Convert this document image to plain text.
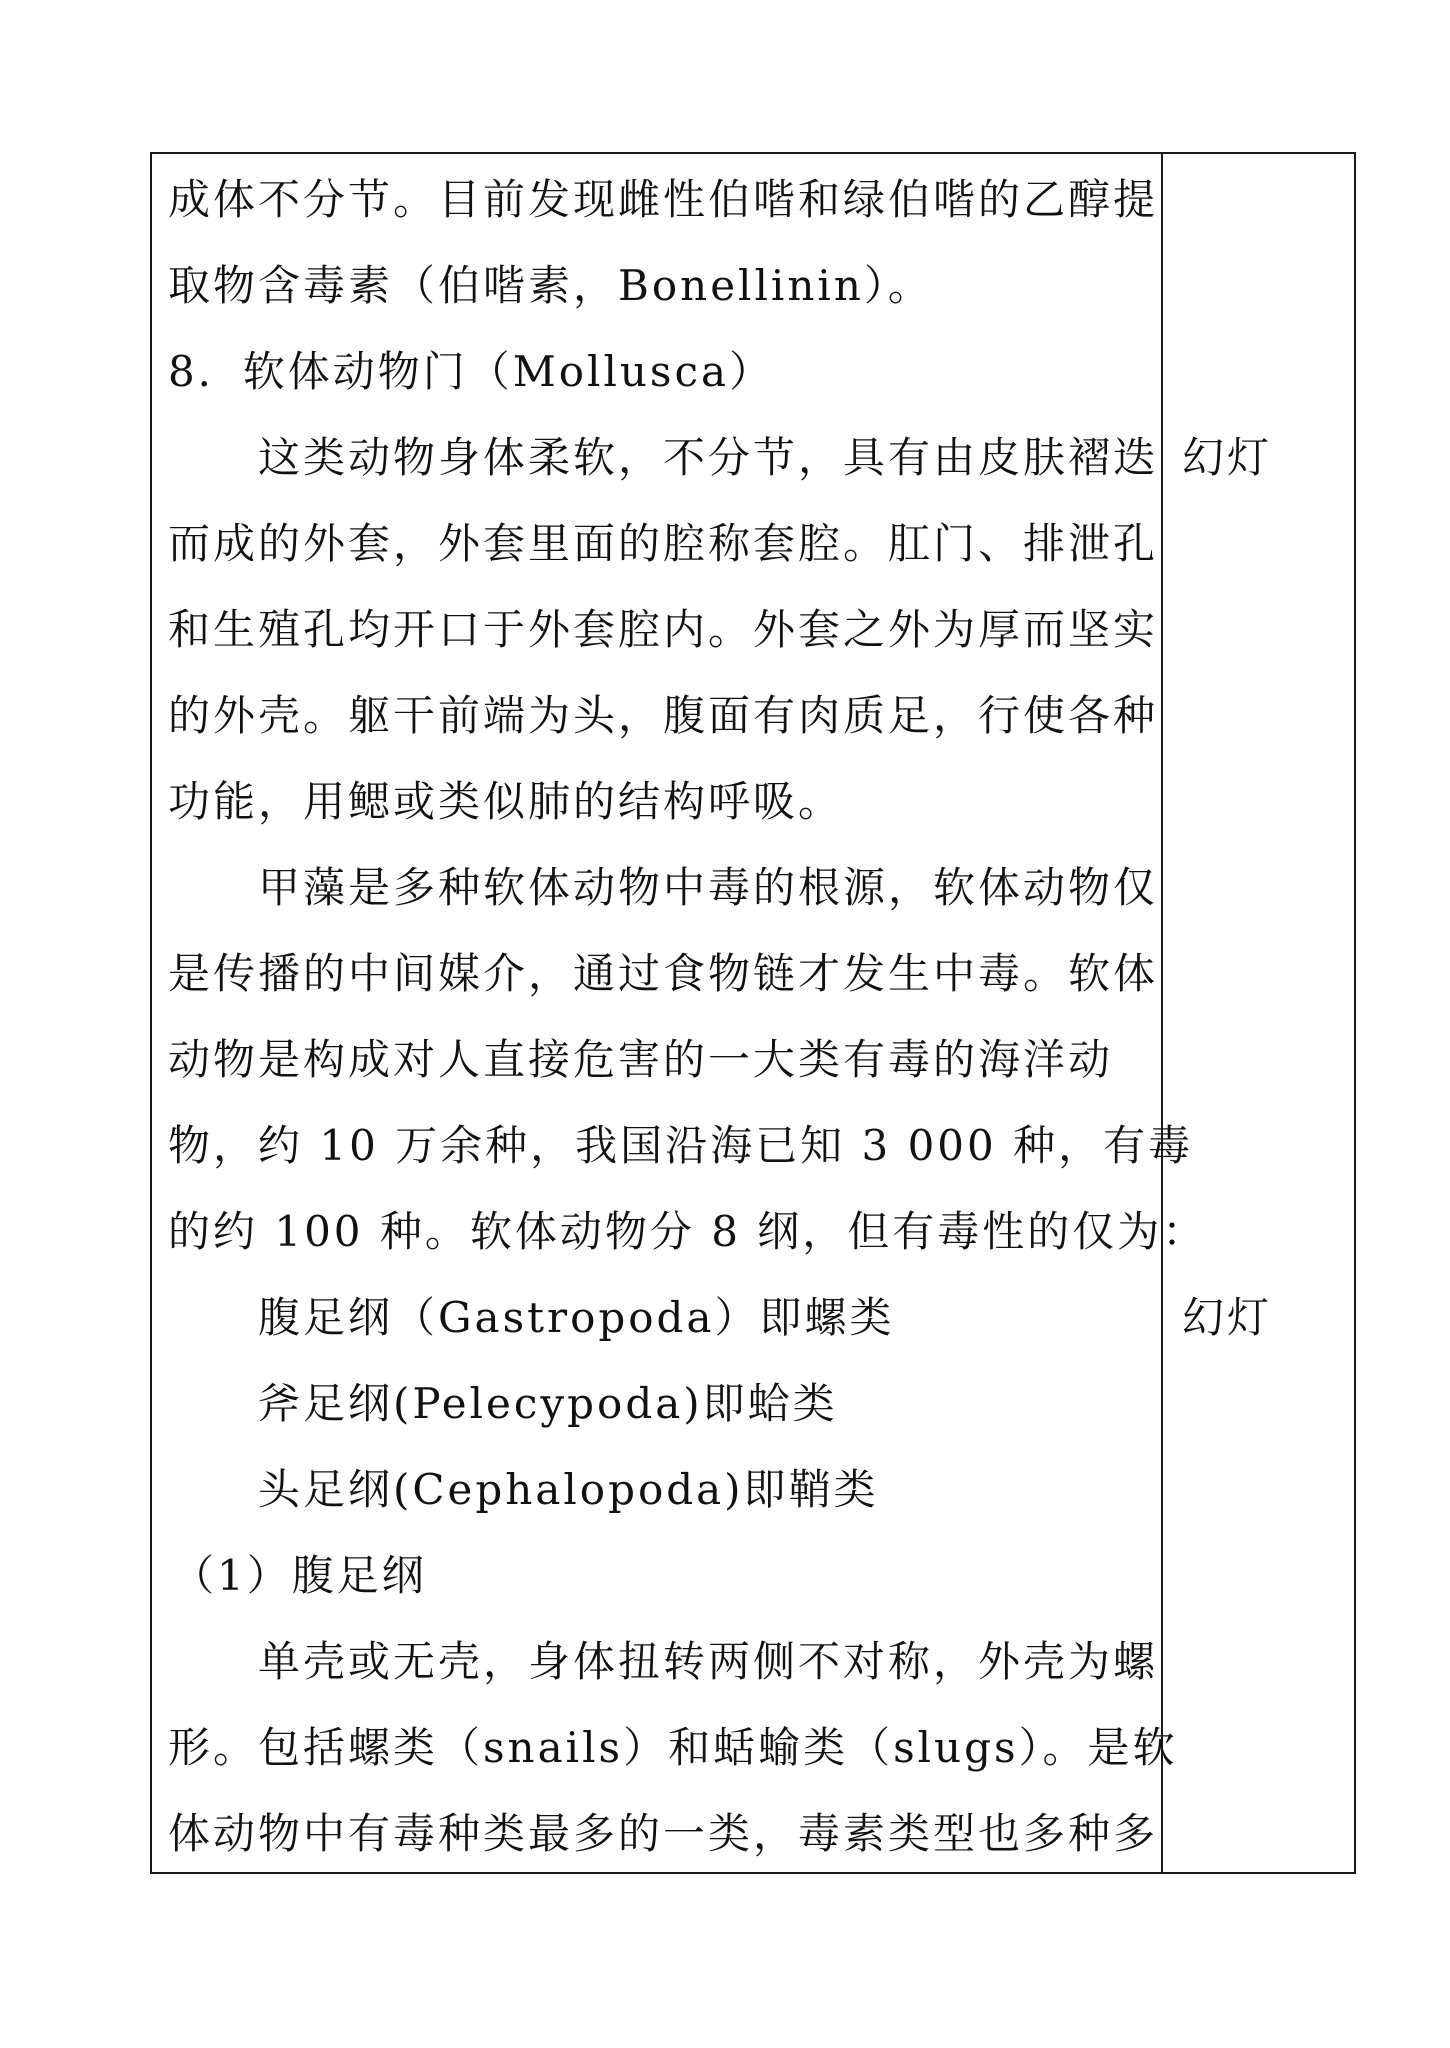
成体不分节。目前发现雌性伯喈和绿伯喈的乙醇提
取物含毒素（伯喈素，Bonellinin）。
8．软体动物门（Mollusca）
这类动物身体柔软，不分节，具有由皮肤褶迭
而成的外套，外套里面的腔称套腔。肛门、排泄孔
和生殖孔均开口于外套腔内。外套之外为厚而坚实
的外壳。躯干前端为头，腹面有肉质足，行使各种
功能，用鳃或类似肺的结构呼吸。
甲藻是多种软体动物中毒的根源，软体动物仅
是传播的中间媒介，通过食物链才发生中毒。软体
动物是构成对人直接危害的一大类有毒的海洋动
物，约 10 万余种，我国沿海已知 3 000 种，有毒
的约 100 种。软体动物分 8 纲，但有毒性的仅为：
腹足纲（Gastropoda）即螺类
斧足纲(Pelecypoda)即蛤类
头足纲(Cephalopoda)即鞘类
（1）腹足纲
单壳或无壳，身体扭转两侧不对称，外壳为螺
形。包括螺类（snails）和蛞蝓类（slugs）。是软
体动物中有毒种类最多的一类，毒素类型也多种多
幻灯
幻灯
